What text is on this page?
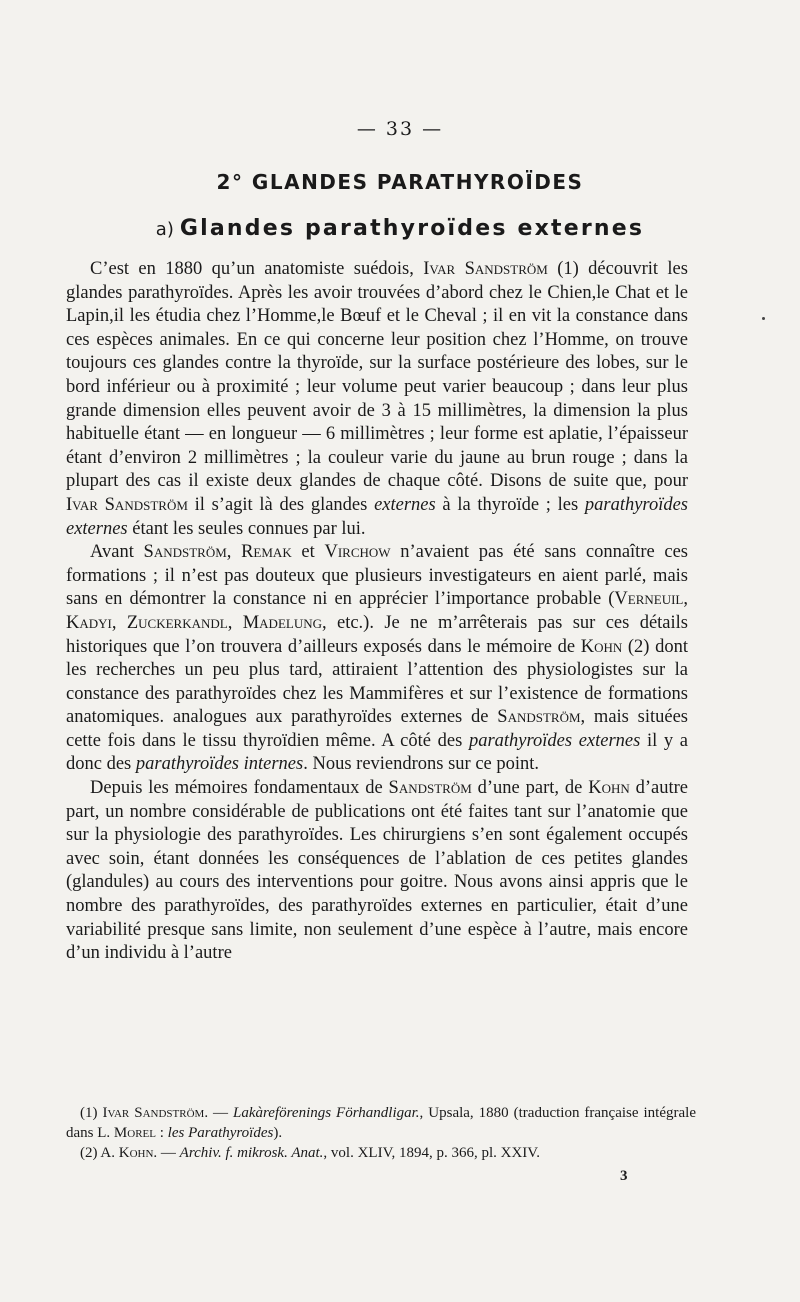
— 33 —
2° GLANDES PARATHYROÏDES
a) Glandes parathyroïdes externes

C’est en 1880 qu’un anatomiste suédois, Ivar Sandström (1) découvrit les glandes parathyroïdes. Après les avoir trouvées d’abord chez le Chien,le Chat et le Lapin,il les étudia chez l’Homme,le Bœuf et le Cheval ; il en vit la constance dans ces espèces animales. En ce qui concerne leur position chez l’Homme, on trouve toujours ces glandes contre la thyroïde, sur la surface postérieure des lobes, sur le bord inférieur ou à proximité ; leur volume peut varier beaucoup ; dans leur plus grande dimension elles peuvent avoir de 3 à 15 millimètres, la dimension la plus habituelle étant — en longueur — 6 millimètres ; leur forme est aplatie, l’épaisseur étant d’environ 2 millimètres ; la couleur varie du jaune au brun rouge ; dans la plupart des cas il existe deux glandes de chaque côté. Disons de suite que, pour Ivar Sandström il s’agit là des glandes externes à la thyroïde ; les parathyroïdes externes étant les seules connues par lui.

Avant Sandström, Remak et Virchow n’avaient pas été sans connaître ces formations ; il n’est pas douteux que plusieurs investigateurs en aient parlé, mais sans en démontrer la constance ni en apprécier l’importance probable (Verneuil, Kadyi, Zuckerkandl, Madelung, etc.). Je ne m’arrêterais pas sur ces détails historiques que l’on trouvera d’ailleurs exposés dans le mémoire de Kohn (2) dont les recherches un peu plus tard, attiraient l’attention des physiologistes sur la constance des parathyroïdes chez les Mammifères et sur l’existence de formations anatomiques. analogues aux parathyroïdes externes de Sandström, mais situées cette fois dans le tissu thyroïdien même. A côté des parathyroïdes externes il y a donc des parathyroïdes internes. Nous reviendrons sur ce point.

Depuis les mémoires fondamentaux de Sandström d’une part, de Kohn d’autre part, un nombre considérable de publications ont été faites tant sur l’anatomie que sur la physiologie des parathyroïdes. Les chirurgiens s’en sont également occupés avec soin, étant données les conséquences de l’ablation de ces petites glandes (glandules) au cours des interventions pour goitre. Nous avons ainsi appris que le nombre des parathyroïdes, des parathyroïdes externes en particulier, était d’une variabilité presque sans limite, non seulement d’une espèce à l’autre, mais encore d’un individu à l’autre

(1) Ivar Sandström. — Lakàreförenings Förhandligar., Upsala, 1880 (traduction française intégrale dans L. Morel : les Parathyroïdes).

(2) A. Kohn. — Archiv. f. mikrosk. Anat., vol. XLIV, 1894, p. 366, pl. XXIV.

3
